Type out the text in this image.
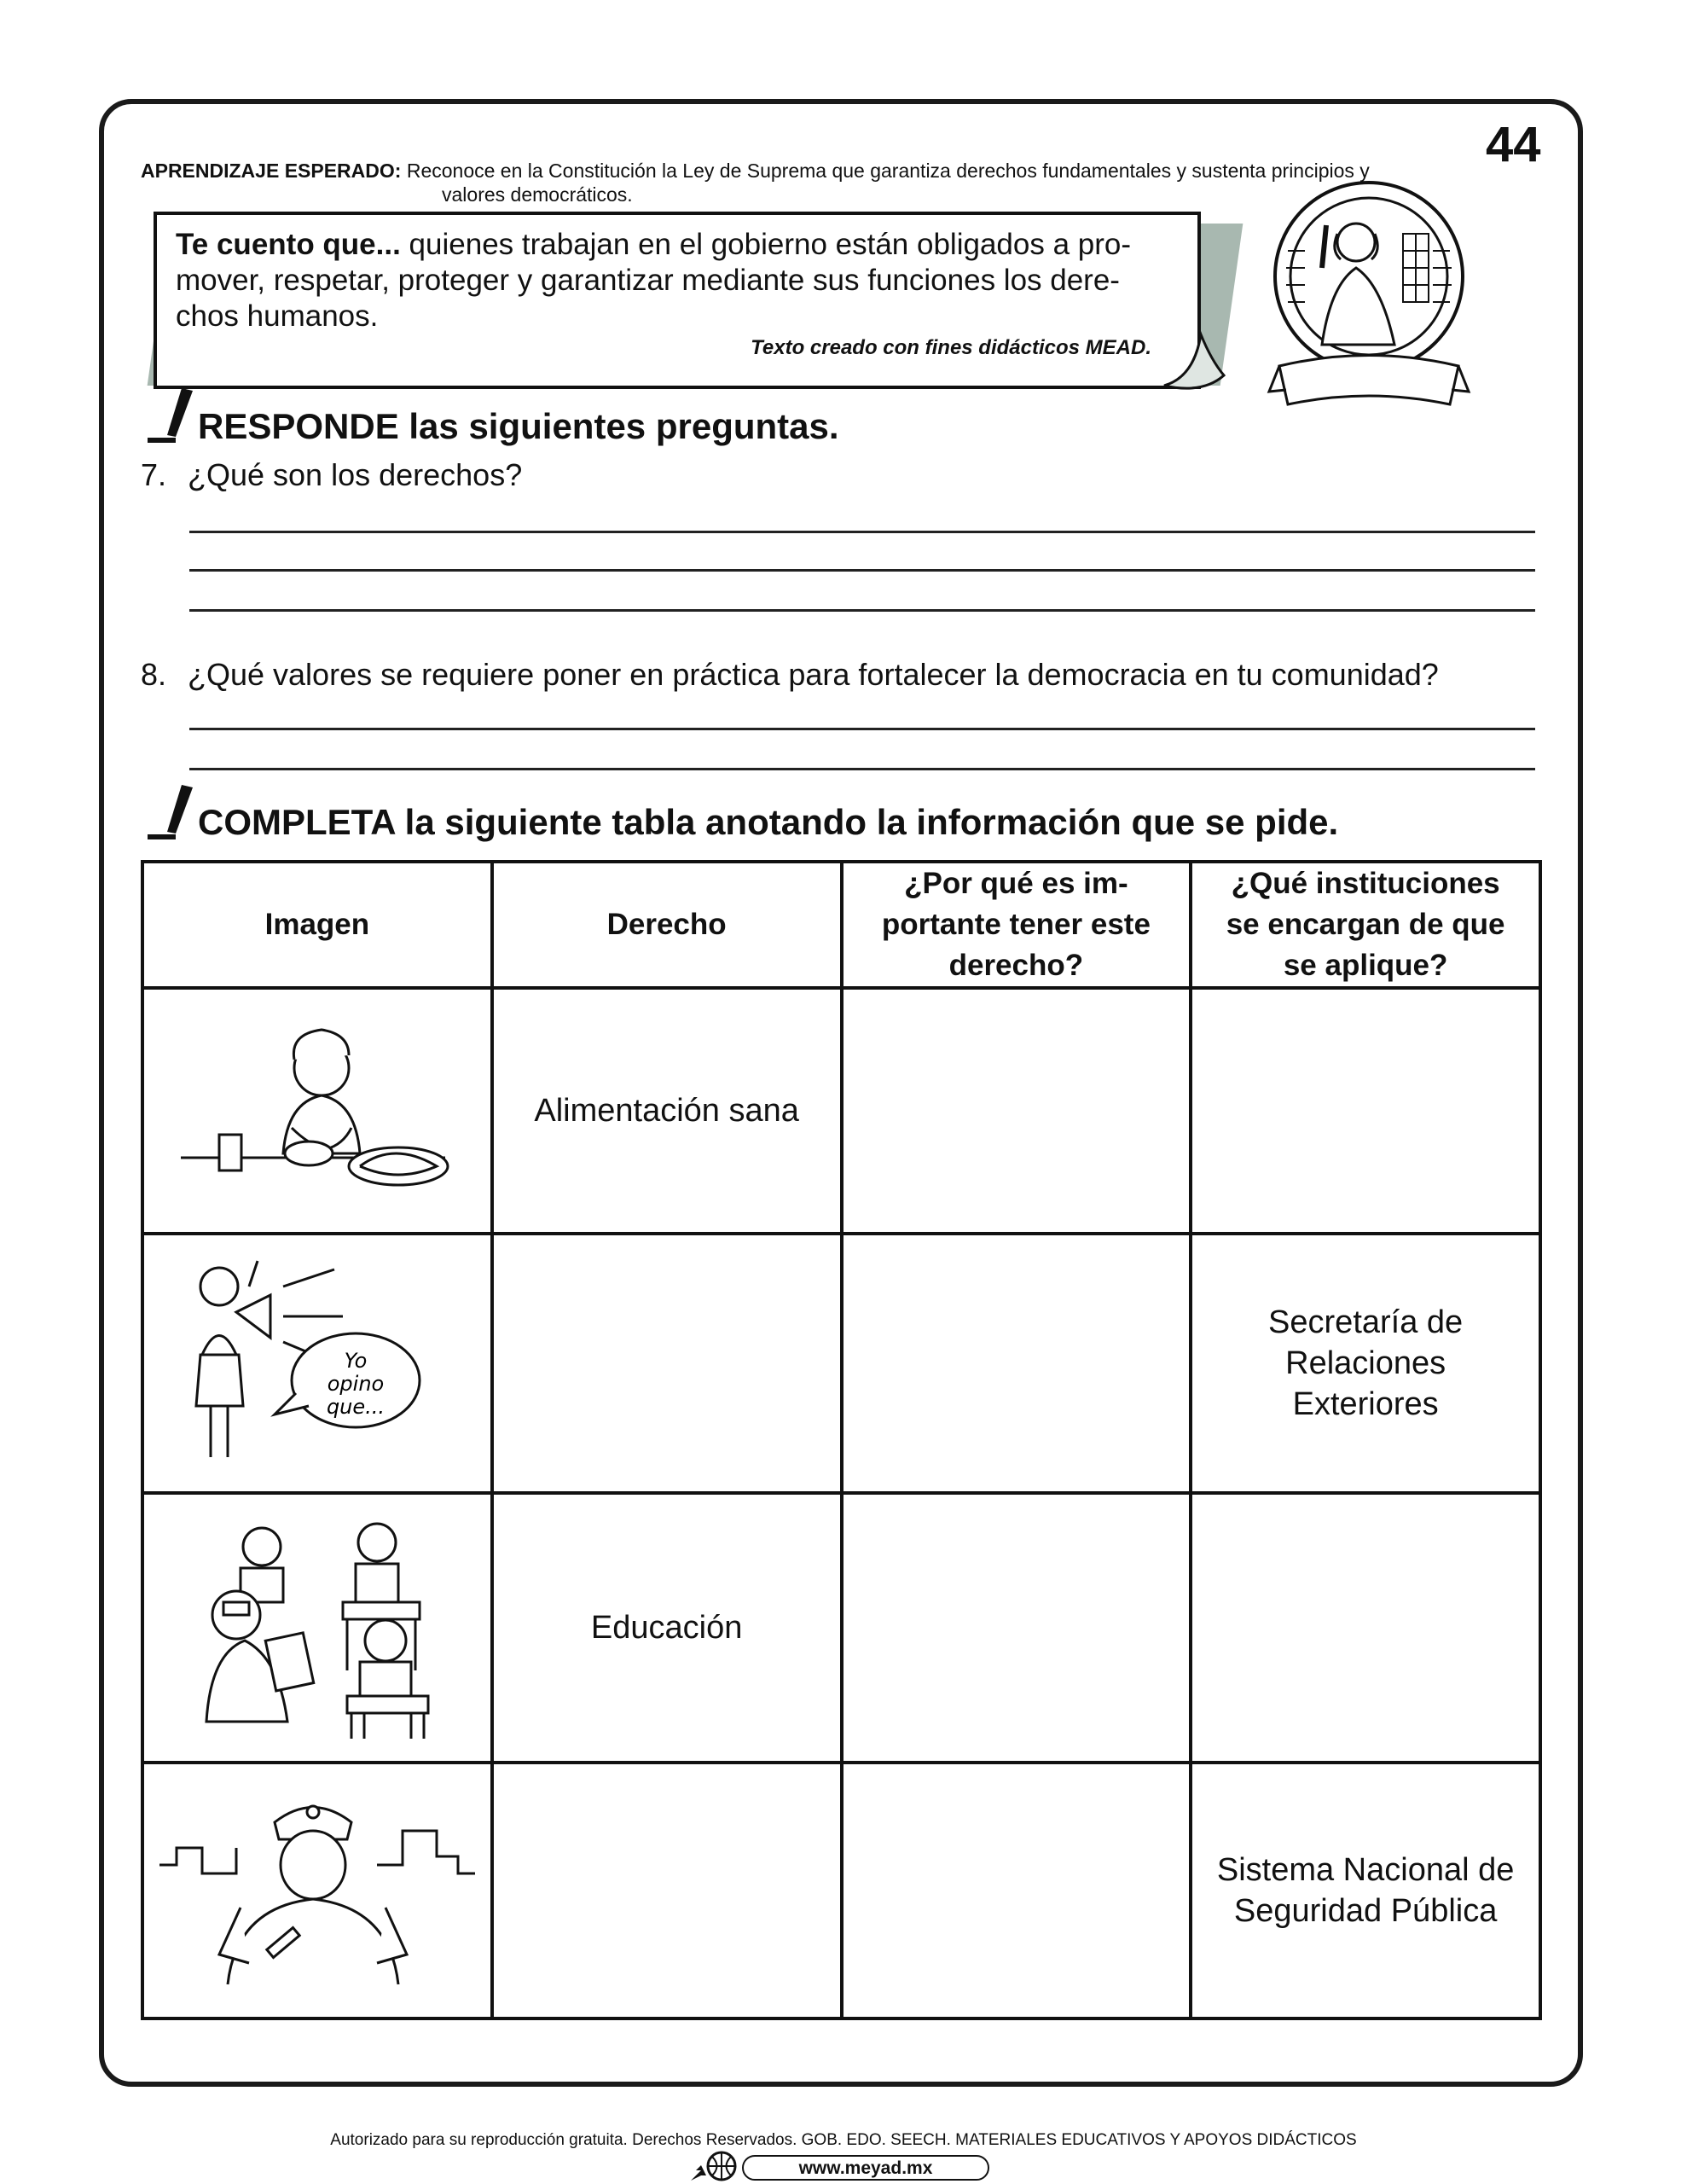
44
APRENDIZAJE ESPERADO: Reconoce en la Constitución la Ley de Suprema que garantiza derechos fundamentales y sustenta principios y
valores democráticos.

Te cuento que... quienes trabajan en el gobierno están obligados a pro-
mover, respetar, proteger y garantizar mediante sus funciones los dere-
chos humanos.

Texto creado con fines didácticos MEAD.
RESPONDE las siguientes preguntas.
7. ¿Qué son los derechos?
8. ¿Qué valores se requiere poner en práctica para fortalecer la democracia en tu comunidad?
COMPLETA la siguiente tabla anotando la información que se pide.
Imagen	Derecho	¿Por qué es im-
portante tener este
derecho?	¿Qué instituciones
se encargan de que
se aplique?

	Alimentación sana		

Yo
opino
que...			Secretaría de
Relaciones
Exteriores

	Educación		

			Sistema Nacional de
Seguridad Pública
Autorizado para su reproducción gratuita. Derechos Reservados. GOB. EDO. SEECH. MATERIALES EDUCATIVOS Y APOYOS DIDÁCTICOS
www.meyad.mx
